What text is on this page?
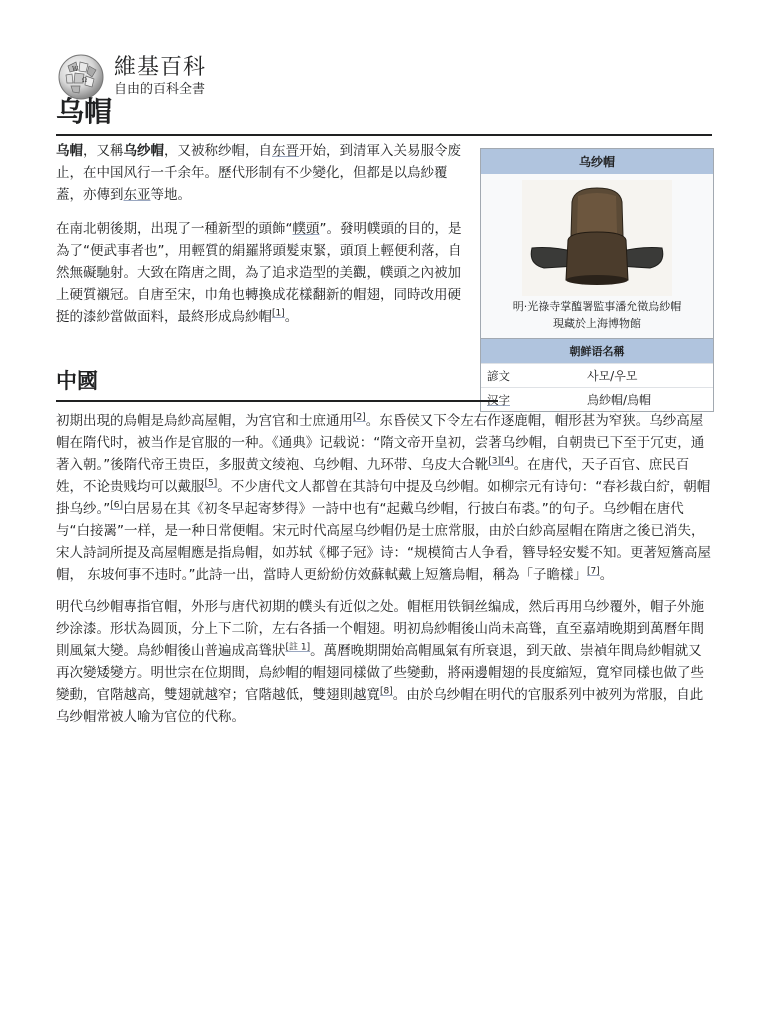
W
Ω
維基百科
自由的百科全書
乌帽

乌帽，又稱乌纱帽，又被称纱帽，自东晋开始，到清軍入关易服令废止，在中国风行一千余年。歷代形制有不少變化，但都是以烏紗覆蓋，亦傳到东亚等地。

在南北朝後期，出現了一種新型的頭飾“幞頭”。發明幞頭的目的，是為了“便武事者也”，用輕質的絹羅將頭髮束緊，頭頂上輕便利落，自然無礙馳射。大致在隋唐之間，為了追求造型的美觀，幞頭之內被加上硬質襯冠。自唐至宋，巾角也轉換成花樣翻新的帽翅，同時改用硬挺的漆紗當做面料，最終形成烏紗帽[1]。

乌纱帽
明·光祿寺掌醢署監事潘允徵烏紗帽
現藏於上海博物館
朝鲜语名稱
諺文	사모/우모
汉字	烏紗帽/烏帽
中國

初期出現的烏帽是烏紗高屋帽，为宫官和士庶通用[2]。东昏侯又下令左右作逐鹿帽，帽形甚为窄狭。乌纱高屋帽在隋代时，被当作是官服的一种。《通典》记载说：“隋文帝开皇初，尝著乌纱帽，自朝贵已下至于冗吏，通著入朝。”後隋代帝王贵臣，多服黄文绫袍、乌纱帽、九环带、乌皮大合靴[3][4]。在唐代，天子百官、庶民百姓，不论贵贱均可以戴服[5]。不少唐代文人都曾在其詩句中提及乌纱帽。如柳宗元有诗句：“春衫裁白紵，朝帽掛乌纱。”[6]白居易在其《初冬早起寄梦得》一詩中也有“起戴乌纱帽，行披白布裘。”的句子。乌纱帽在唐代与“白接䍠”一样，是一种日常便帽。宋元时代高屋乌纱帽仍是士庶常服，由於白紗高屋帽在隋唐之後已消失，宋人詩詞所提及高屋帽應是指烏帽，如苏轼《椰子冠》诗：“规模简古人争看，簪导轻安髮不知。更著短簷高屋帽， 东坡何事不违时。”此詩一出，當時人更紛紛仿效蘇軾戴上短簷烏帽，稱為「子瞻樣」[7]。

明代乌纱帽專指官帽，外形与唐代初期的幞头有近似之处。帽框用铁铜丝编成，然后再用乌纱覆外，帽子外施纱涂漆。形状為圆顶，分上下二阶，左右各插一个帽翅。明初烏紗帽後山尚未高聳，直至嘉靖晚期到萬曆年間則風氣大變。烏紗帽後山普遍成高聳狀[註 1]。萬曆晚期開始高帽風氣有所衰退，到天啟、崇禎年間烏紗帽就又再次變矮變方。明世宗在位期間，烏紗帽的帽翅同樣做了些變動，將兩邊帽翅的長度縮短，寬窄同樣也做了些變動，官階越高，雙翅就越窄；官階越低，雙翅則越寬[8]。由於乌纱帽在明代的官服系列中被列为常服，自此乌纱帽常被人喻为官位的代称。
